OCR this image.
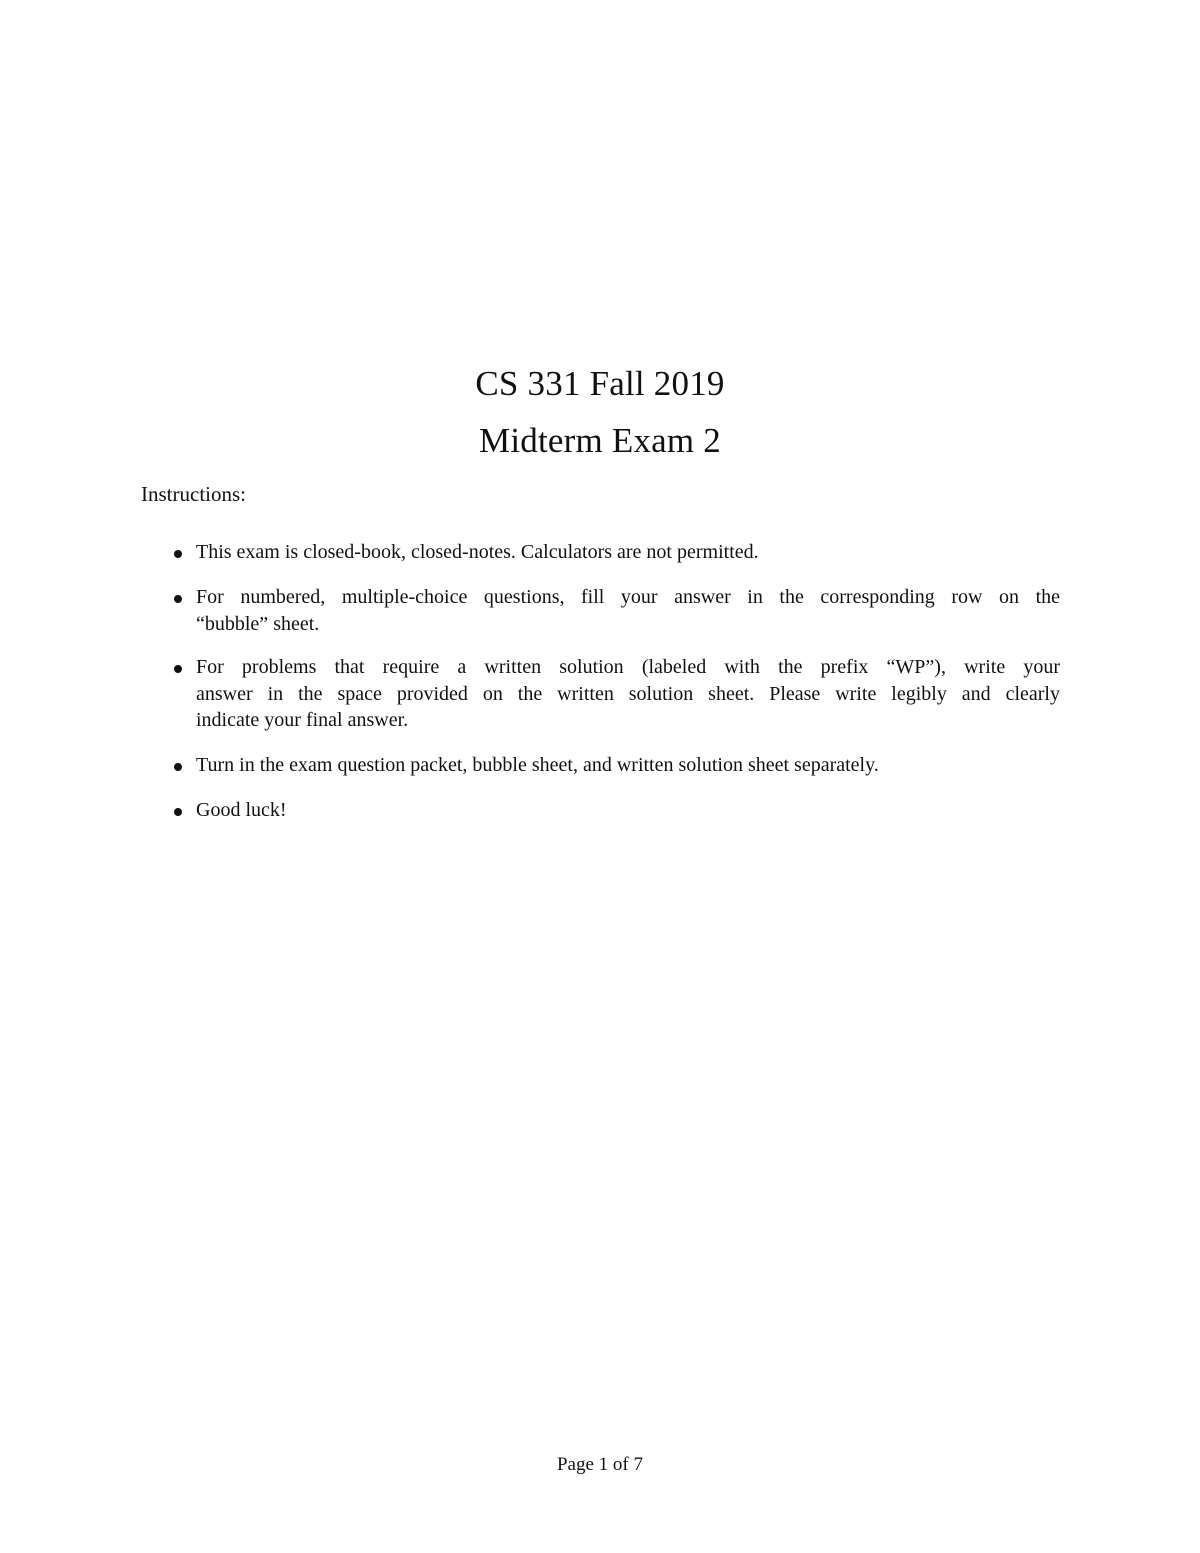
CS 331 Fall 2019
Midterm Exam 2
Instructions:
This exam is closed-book, closed-notes. Calculators are not permitted.
For numbered, multiple-choice questions, fill your answer in the corresponding row on the
“bubble” sheet.
For problems that require a written solution (labeled with the prefix “WP”), write your
answer in the space provided on the written solution sheet. Please write legibly and clearly
indicate your final answer.
Turn in the exam question packet, bubble sheet, and written solution sheet separately.
Good luck!
Page 1 of 7
